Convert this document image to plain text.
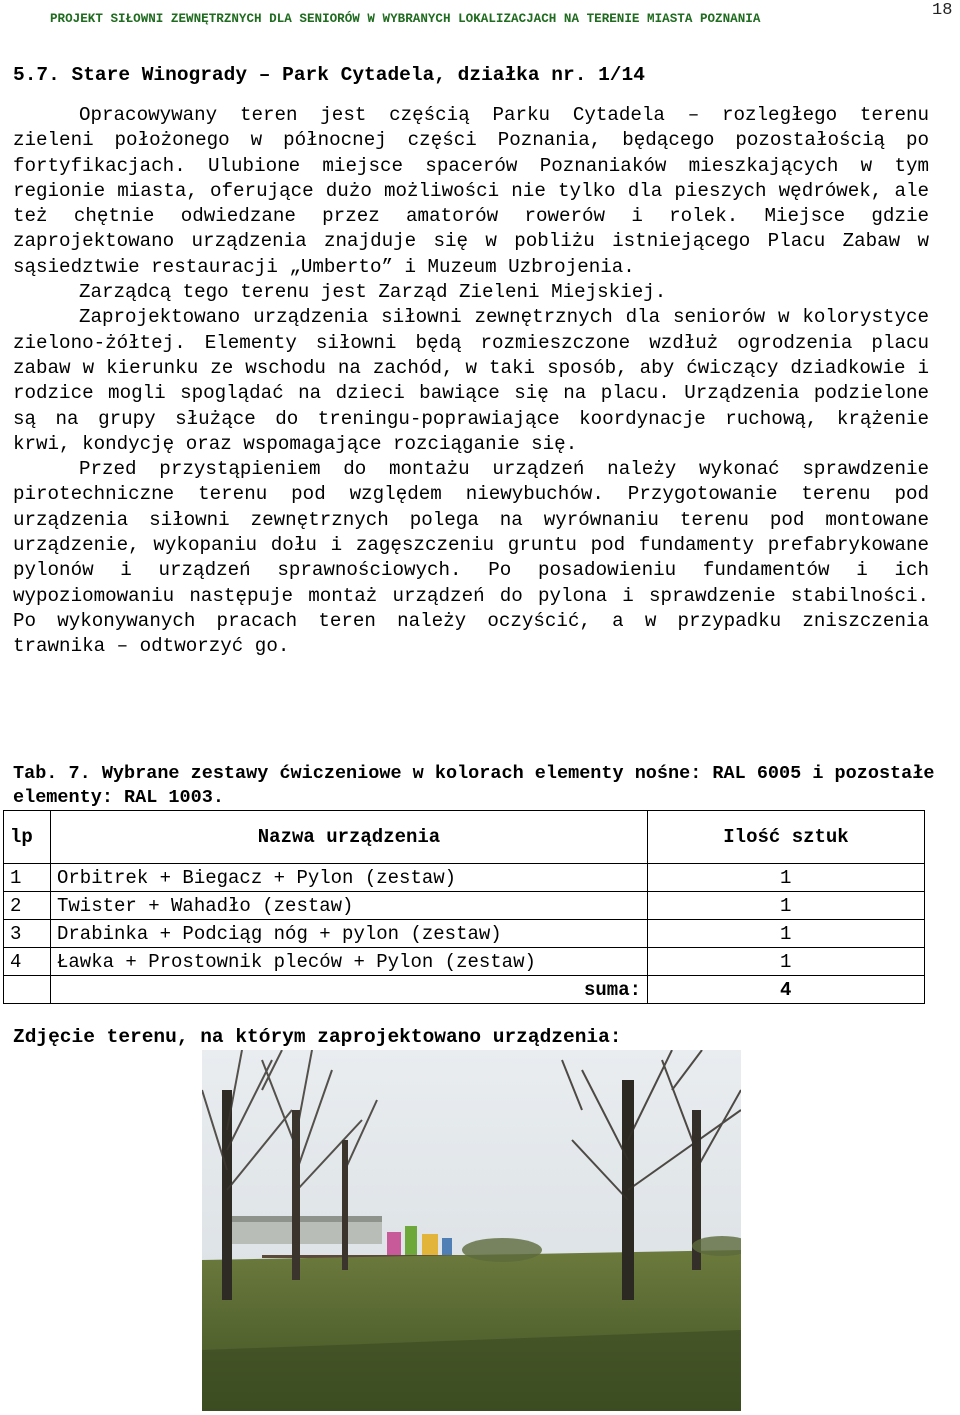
PROJEKT SIŁOWNI ZEWNĘTRZNYCH DLA SENIORÓW W WYBRANYCH LOKALIZACJACH NA TERENIE MIASTA POZNANIA	18
5.7. Stare Winogrady – Park Cytadela, działka nr. 1/14

Opracowywany teren jest częścią Parku Cytadela – rozległego terenu zieleni położonego w północnej części Poznania, będącego pozostałością po fortyfikacjach. Ulubione miejsce spacerów Poznaniaków mieszkających w tym regionie miasta, oferujące dużo możliwości nie tylko dla pieszych wędrówek, ale też chętnie odwiedzane przez amatorów rowerów i rolek. Miejsce gdzie zaprojektowano urządzenia znajduje się w pobliżu istniejącego Placu Zabaw w sąsiedztwie restauracji „Umberto” i Muzeum Uzbrojenia.

Zarządcą tego terenu jest Zarząd Zieleni Miejskiej.

Zaprojektowano urządzenia siłowni zewnętrznych dla seniorów w kolorystyce zielono-żółtej. Elementy siłowni będą rozmieszczone wzdłuż ogrodzenia placu zabaw w kierunku ze wschodu na zachód, w taki sposób, aby ćwiczący dziadkowie i rodzice mogli spoglądać na dzieci bawiące się na placu. Urządzenia podzielone są na grupy służące do treningu-poprawiające koordynacje ruchową, krążenie krwi, kondycję oraz wspomagające rozciąganie się.

Przed przystąpieniem do montażu urządzeń należy wykonać sprawdzenie pirotechniczne terenu pod względem niewybuchów. Przygotowanie terenu pod urządzenia siłowni zewnętrznych polega na wyrównaniu terenu pod montowane urządzenie, wykopaniu dołu i zagęszczeniu gruntu pod fundamenty prefabrykowane pylonów i urządzeń sprawnościowych. Po posadowieniu fundamentów i ich wypoziomowaniu następuje montaż urządzeń do pylona i sprawdzenie stabilności. Po wykonywanych pracach teren należy oczyścić, a w przypadku zniszczenia trawnika – odtworzyć go.

Tab. 7. Wybrane zestawy ćwiczeniowe w kolorach elementy nośne: RAL 6005 i pozostałe elementy: RAL 1003.
lp	Nazwa urządzenia	Ilość sztuk
1	Orbitrek + Biegacz + Pylon (zestaw)	1
2	Twister + Wahadło (zestaw)	1
3	Drabinka + Podciąg nóg + pylon (zestaw)	1
4	Ławka + Prostownik pleców + Pylon (zestaw)	1
	suma:	4
Zdjęcie terenu, na którym zaprojektowano urządzenia:
